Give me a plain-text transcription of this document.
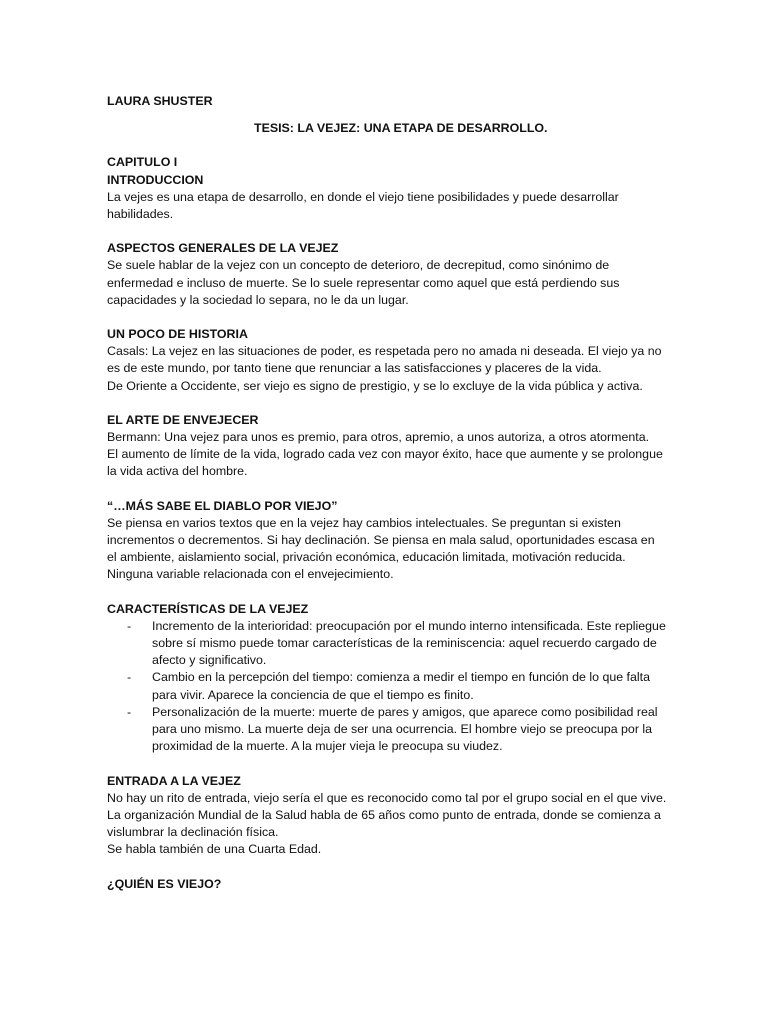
LAURA SHUSTER

TESIS: LA VEJEZ: UNA ETAPA DE DESARROLLO.

CAPITULO I

INTRODUCCION

La vejes es una etapa de desarrollo, en donde el viejo tiene posibilidades y puede desarrollar habilidades.

ASPECTOS GENERALES DE LA VEJEZ

Se suele hablar de la vejez con un concepto de deterioro, de decrepitud, como sinónimo de enfermedad e incluso de muerte. Se lo suele representar como aquel que está perdiendo sus capacidades y la sociedad lo separa, no le da un lugar.

UN POCO DE HISTORIA

Casals: La vejez en las situaciones de poder, es respetada pero no amada ni deseada. El viejo ya no es de este mundo, por tanto tiene que renunciar a las satisfacciones y placeres de la vida.

De Oriente a Occidente, ser viejo es signo de prestigio, y se lo excluye de la vida pública y activa.

EL ARTE DE ENVEJECER

Bermann: Una vejez para unos es premio, para otros, apremio, a unos autoriza, a otros atormenta.

El aumento de límite de la vida, logrado cada vez con mayor éxito, hace que aumente y se prolongue la vida activa del hombre.

“…MÁS SABE EL DIABLO POR VIEJO”

Se piensa en varios textos que en la vejez hay cambios intelectuales. Se preguntan si existen incrementos o decrementos. Si hay declinación. Se piensa en mala salud, oportunidades escasa en el ambiente, aislamiento social, privación económica, educación limitada, motivación reducida. Ninguna variable relacionada con el envejecimiento.

CARACTERÍSTICAS DE LA VEJEZ

- Incremento de la interioridad: preocupación por el mundo interno intensificada. Este repliegue sobre sí mismo puede tomar características de la reminiscencia: aquel recuerdo cargado de afecto y significativo.
- Cambio en la percepción del tiempo: comienza a medir el tiempo en función de lo que falta para vivir. Aparece la conciencia de que el tiempo es finito.
- Personalización de la muerte: muerte de pares y amigos, que aparece como posibilidad real para uno mismo. La muerte deja de ser una ocurrencia. El hombre viejo se preocupa por la proximidad de la muerte. A la mujer vieja le preocupa su viudez.

ENTRADA A LA VEJEZ

No hay un rito de entrada, viejo sería el que es reconocido como tal por el grupo social en el que vive.

La organización Mundial de la Salud habla de 65 años como punto de entrada, donde se comienza a vislumbrar la declinación física.

Se habla también de una Cuarta Edad.

¿QUIÉN ES VIEJO?
